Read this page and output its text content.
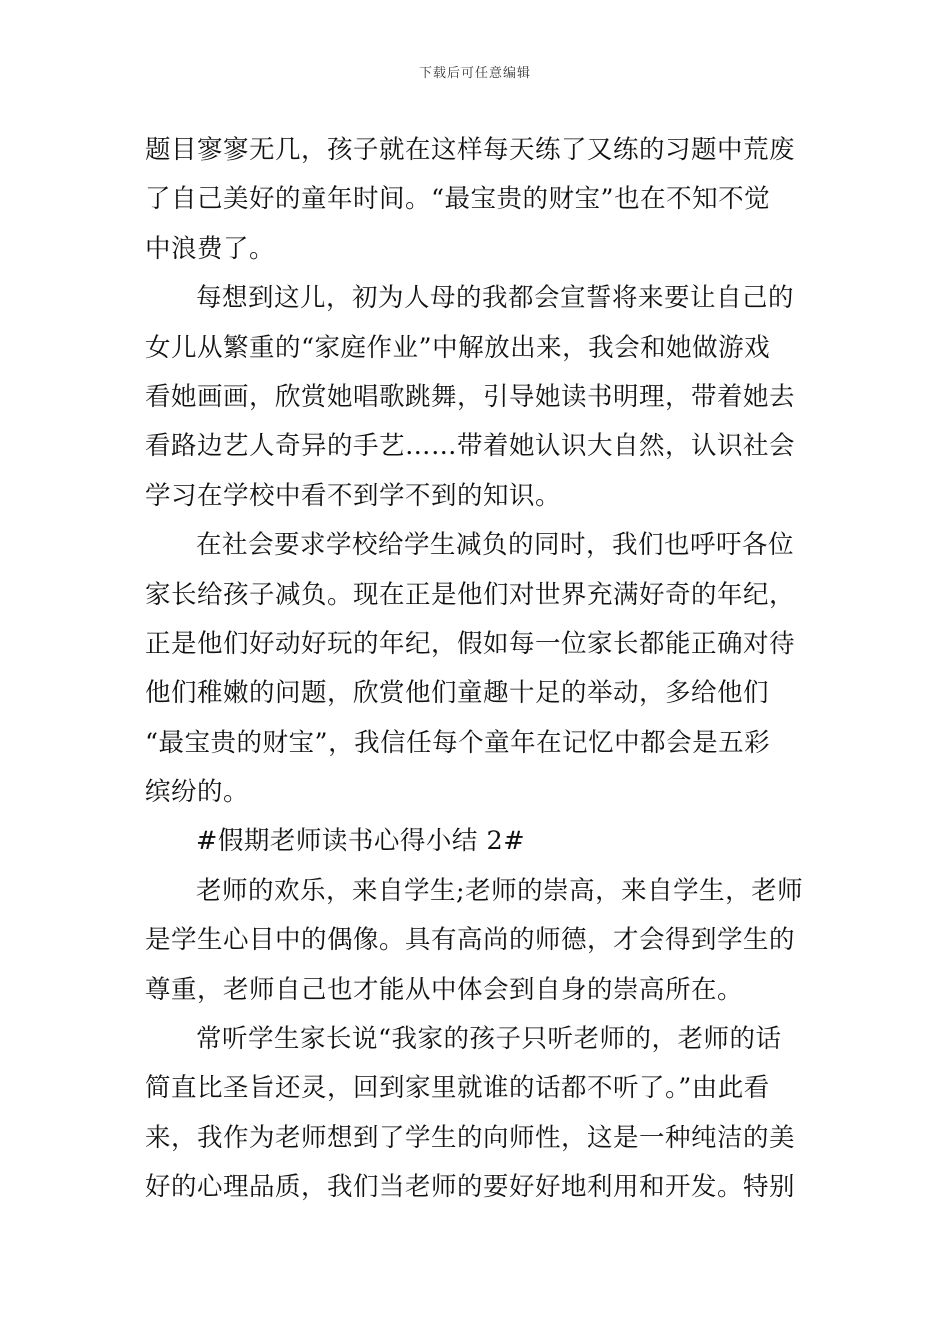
下载后可任意编辑
题目寥寥无几，孩子就在这样每天练了又练的习题中荒废
了自己美好的童年时间。“最宝贵的财宝”也在不知不觉
中浪费了。
每想到这儿，初为人母的我都会宣誓将来要让自己的
女儿从繁重的“家庭作业”中解放出来，我会和她做游戏
看她画画，欣赏她唱歌跳舞，引导她读书明理，带着她去
看路边艺人奇异的手艺……带着她认识大自然，认识社会
学习在学校中看不到学不到的知识。
在社会要求学校给学生减负的同时，我们也呼吁各位
家长给孩子减负。现在正是他们对世界充满好奇的年纪，
正是他们好动好玩的年纪，假如每一位家长都能正确对待
他们稚嫩的问题，欣赏他们童趣十足的举动，多给他们
“最宝贵的财宝”，我信任每个童年在记忆中都会是五彩
缤纷的。
#假期老师读书心得小结 2#
老师的欢乐，来自学生;老师的崇高，来自学生，老师
是学生心目中的偶像。具有高尚的师德，才会得到学生的
尊重，老师自己也才能从中体会到自身的崇高所在。
常听学生家长说“我家的孩子只听老师的，老师的话
简直比圣旨还灵，回到家里就谁的话都不听了。”由此看
来，我作为老师想到了学生的向师性，这是一种纯洁的美
好的心理品质，我们当老师的要好好地利用和开发。特别
